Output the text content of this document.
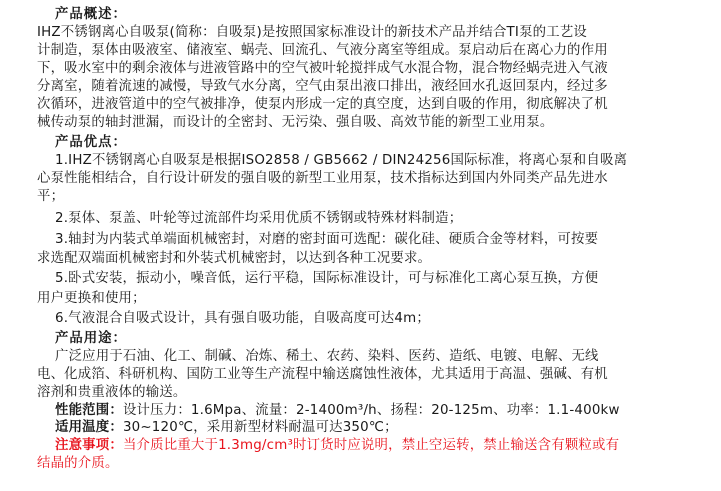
产品概述：
IHZ不锈钢离心自吸泵(简称：自吸泵)是按照国家标准设计的新技术产品并结合TI泵的工艺设
计制造，泵体由吸液室、储液室、蜗壳、回流孔、气液分离室等组成。泵启动后在离心力的作用
下，吸水室中的剩余液体与进液管路中的空气被叶轮搅拌成气水混合物，混合物经蜗壳进入气液
分离室，随着流速的减慢，导致气水分离，空气由泵出液口排出，液经回水孔返回泵内，经过多
次循环，进液管道中的空气被排净，使泵内形成一定的真空度，达到自吸的作用，彻底解决了机
械传动泵的轴封泄漏，而设计的全密封、无污染、强自吸、高效节能的新型工业用泵。
产品优点：
1.IHZ不锈钢离心自吸泵是根据ISO2858 / GB5662 / DIN24256国际标准，将离心泵和自吸离
心泵性能相结合，自行设计研发的强自吸的新型工业用泵，技术指标达到国内外同类产品先进水
平；
2.泵体、泵盖、叶轮等过流部件均采用优质不锈钢或特殊材料制造；
3.轴封为内装式单端面机械密封，对磨的密封面可选配：碳化硅、硬质合金等材料，可按要
求选配双端面机械密封和外装式机械密封，以达到各种工况要求。
5.卧式安装，振动小，噪音低，运行平稳，国际标准设计，可与标准化工离心泵互换，方便
用户更换和使用；
6.气液混合自吸式设计，具有强自吸功能，自吸高度可达4m；
产品用途：
广泛应用于石油、化工、制碱、冶炼、稀土、农药、染料、医药、造纸、电镀、电解、无线
电、化成箔、科研机构、国防工业等生产流程中输送腐蚀性液体，尤其适用于高温、强碱、有机
溶剂和贵重液体的输送。
性能范围：设计压力：1.6Mpa、流量：2-1400m³/h、扬程：20-125m、功率：1.1-400kw
适用温度：30~120℃，采用新型材料耐温可达350℃；
注意事项：当介质比重大于1.3mg/cm³时订货时应说明，禁止空运转，禁止输送含有颗粒或有
结晶的介质。
